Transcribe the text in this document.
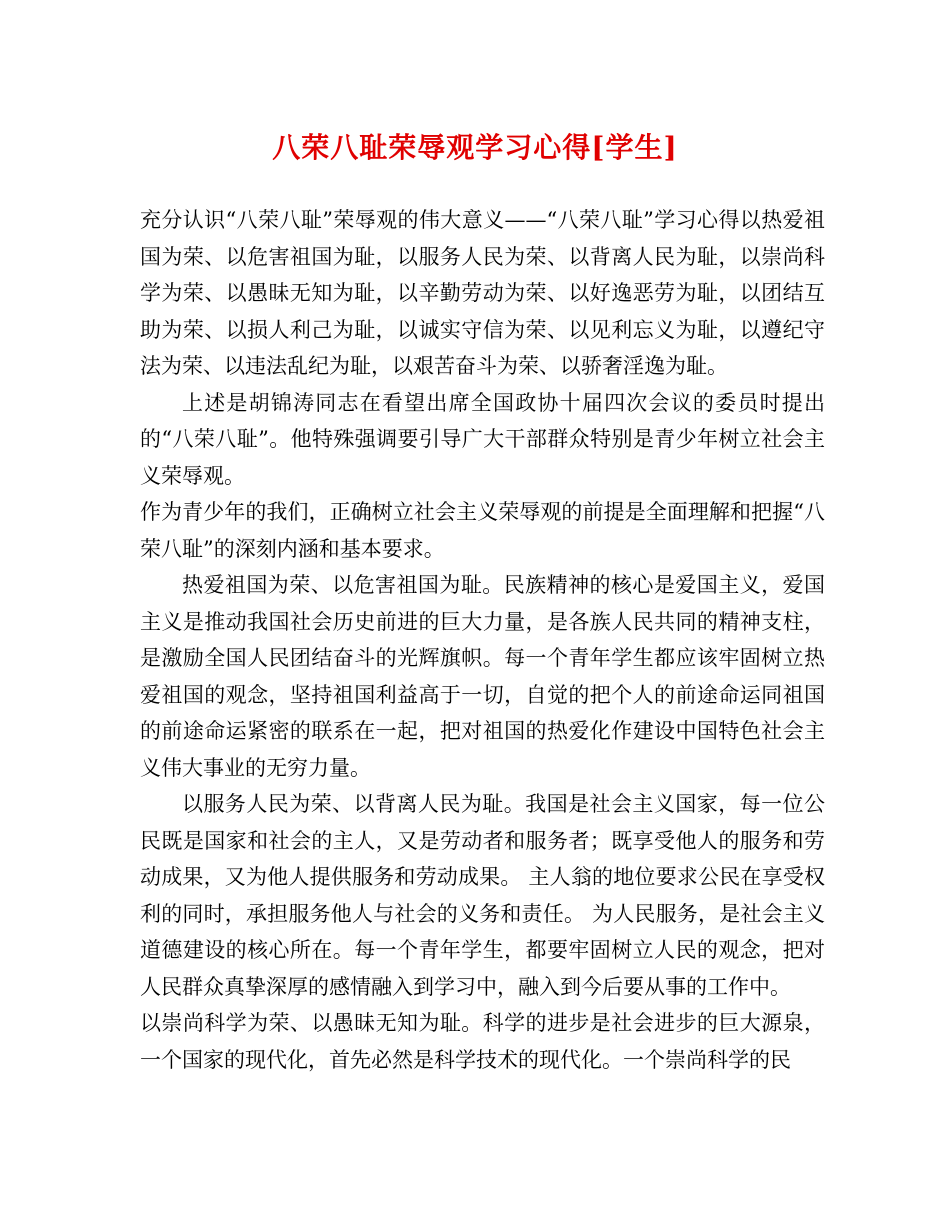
八荣八耻荣辱观学习心得[学生]

充分认识“八荣八耻”荣辱观的伟大意义——“八荣八耻”学习心得以热爱祖国为荣、以危害祖国为耻，以服务人民为荣、以背离人民为耻，以崇尚科学为荣、以愚昧无知为耻，以辛勤劳动为荣、以好逸恶劳为耻，以团结互助为荣、以损人利己为耻，以诚实守信为荣、以见利忘义为耻，以遵纪守法为荣、以违法乱纪为耻，以艰苦奋斗为荣、以骄奢淫逸为耻。

上述是胡锦涛同志在看望出席全国政协十届四次会议的委员时提出的“八荣八耻”。他特殊强调要引导广大干部群众特别是青少年树立社会主义荣辱观。

作为青少年的我们，正确树立社会主义荣辱观的前提是全面理解和把握“八荣八耻”的深刻内涵和基本要求。

热爱祖国为荣、以危害祖国为耻。民族精神的核心是爱国主义，爱国主义是推动我国社会历史前进的巨大力量，是各族人民共同的精神支柱，是激励全国人民团结奋斗的光辉旗帜。每一个青年学生都应该牢固树立热爱祖国的观念，坚持祖国利益高于一切，自觉的把个人的前途命运同祖国的前途命运紧密的联系在一起，把对祖国的热爱化作建设中国特色社会主义伟大事业的无穷力量。

以服务人民为荣、以背离人民为耻。我国是社会主义国家，每一位公民既是国家和社会的主人，又是劳动者和服务者；既享受他人的服务和劳动成果，又为他人提供服务和劳动成果。 主人翁的地位要求公民在享受权利的同时，承担服务他人与社会的义务和责任。 为人民服务，是社会主义道德建设的核心所在。每一个青年学生，都要牢固树立人民的观念，把对人民群众真挚深厚的感情融入到学习中，融入到今后要从事的工作中。

以崇尚科学为荣、以愚昧无知为耻。科学的进步是社会进步的巨大源泉，一个国家的现代化，首先必然是科学技术的现代化。一个崇尚科学的民
